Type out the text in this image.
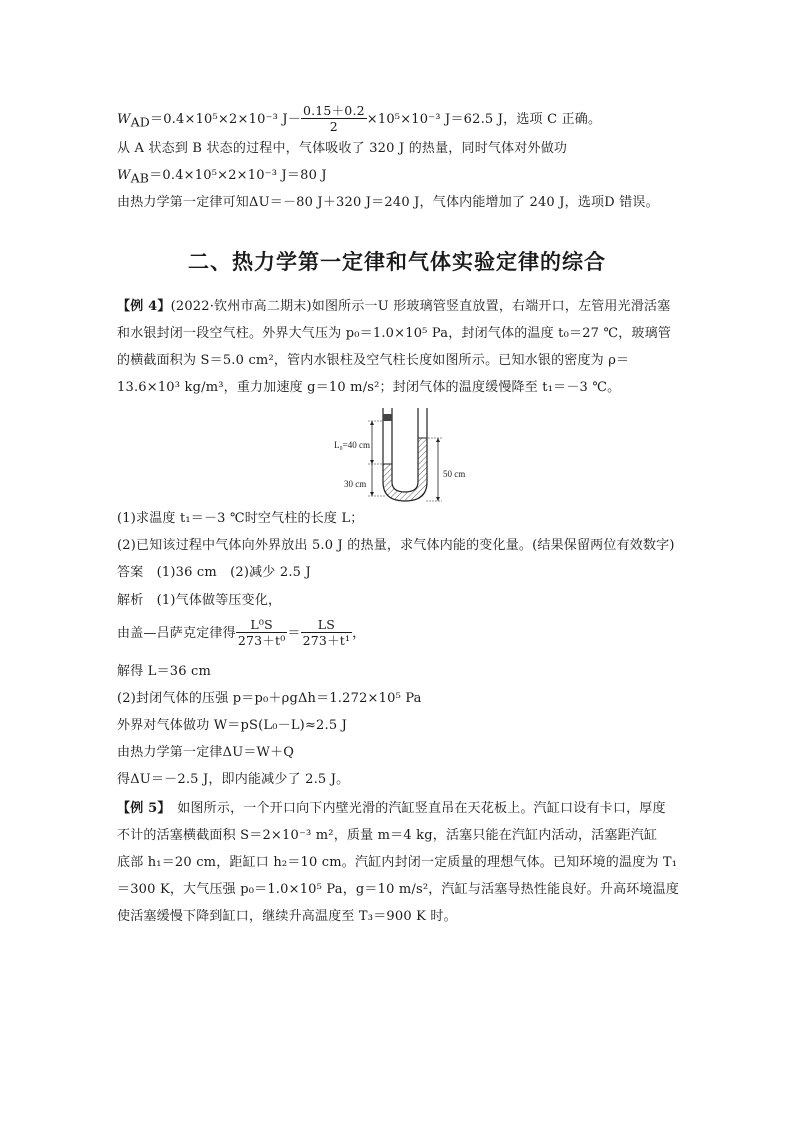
$W_{AD}=0.4\times 10^5\times 2\times 10^{-3}$ $J- \frac{0.15+0.2}{2} \times 10^5\times 10^{-3}$ J＝62.5 J，选项 C 正确。
从 A 状态到 B 状态的过程中，气体吸收了 320 J 的热量，同时气体对外做功
$W_{AB}=0.4\times 10^5\times 2\times 10^{-3}$ J＝80 J
由热力学第一定律可知ΔU＝－80 J＋320 J＝240 J，气体内能增加了 240 J，选项D 错误。
二、热力学第一定律和气体实验定律的综合
【例 4】(2022·钦州市高二期末)如图所示一U 形玻璃管竖直放置，右端开口，左管用光滑活塞
和水银封闭一段空气柱。外界大气压为 p₀＝1.0×10⁵ Pa，封闭气体的温度 t₀＝27 ℃，玻璃管
的横截面积为 S＝5.0 cm²，管内水银柱及空气柱长度如图所示。已知水银的密度为 ρ＝
13.6×10³ kg/m³，重力加速度 g＝10 m/s²；封闭气体的温度缓慢降至 t₁＝－3 ℃。
L₀=40 cm
30 cm
50 cm
(1)求温度 t₁＝－3 ℃时空气柱的长度 L；
(2)已知该过程中气体向外界放出 5.0 J 的热量，求气体内能的变化量。(结果保留两位有效数字)
答案　(1)36 cm　(2)减少 2.5 J
解析　(1)气体做等压变化，
由盖—吕萨克定律得 $\frac{\text{L⁰S}}{\text{273＋t⁰}} = \frac{LS}{\text{273＋t¹}}$ ，
解得 L＝36 cm
(2)封闭气体的压强 p＝p₀＋ρgΔh＝1.272×10⁵ Pa
外界对气体做功 W＝pS(L₀－L)≈2.5 J
由热力学第一定律ΔU＝W＋Q
得ΔU＝－2.5 J，即内能减少了 2.5 J。
【例 5】　如图所示，一个开口向下内壁光滑的汽缸竖直吊在天花板上。汽缸口设有卡口，厚度
不计的活塞横截面积 S＝2×10⁻³ m²，质量 m＝4 kg，活塞只能在汽缸内活动，活塞距汽缸
底部 h₁＝20 cm，距缸口 h₂＝10 cm。汽缸内封闭一定质量的理想气体。已知环境的温度为 T₁
＝300 K，大气压强 p₀＝1.0×10⁵ Pa，g＝10 m/s²，汽缸与活塞导热性能良好。升高环境温度
使活塞缓慢下降到缸口，继续升高温度至 T₃＝900 K 时。
